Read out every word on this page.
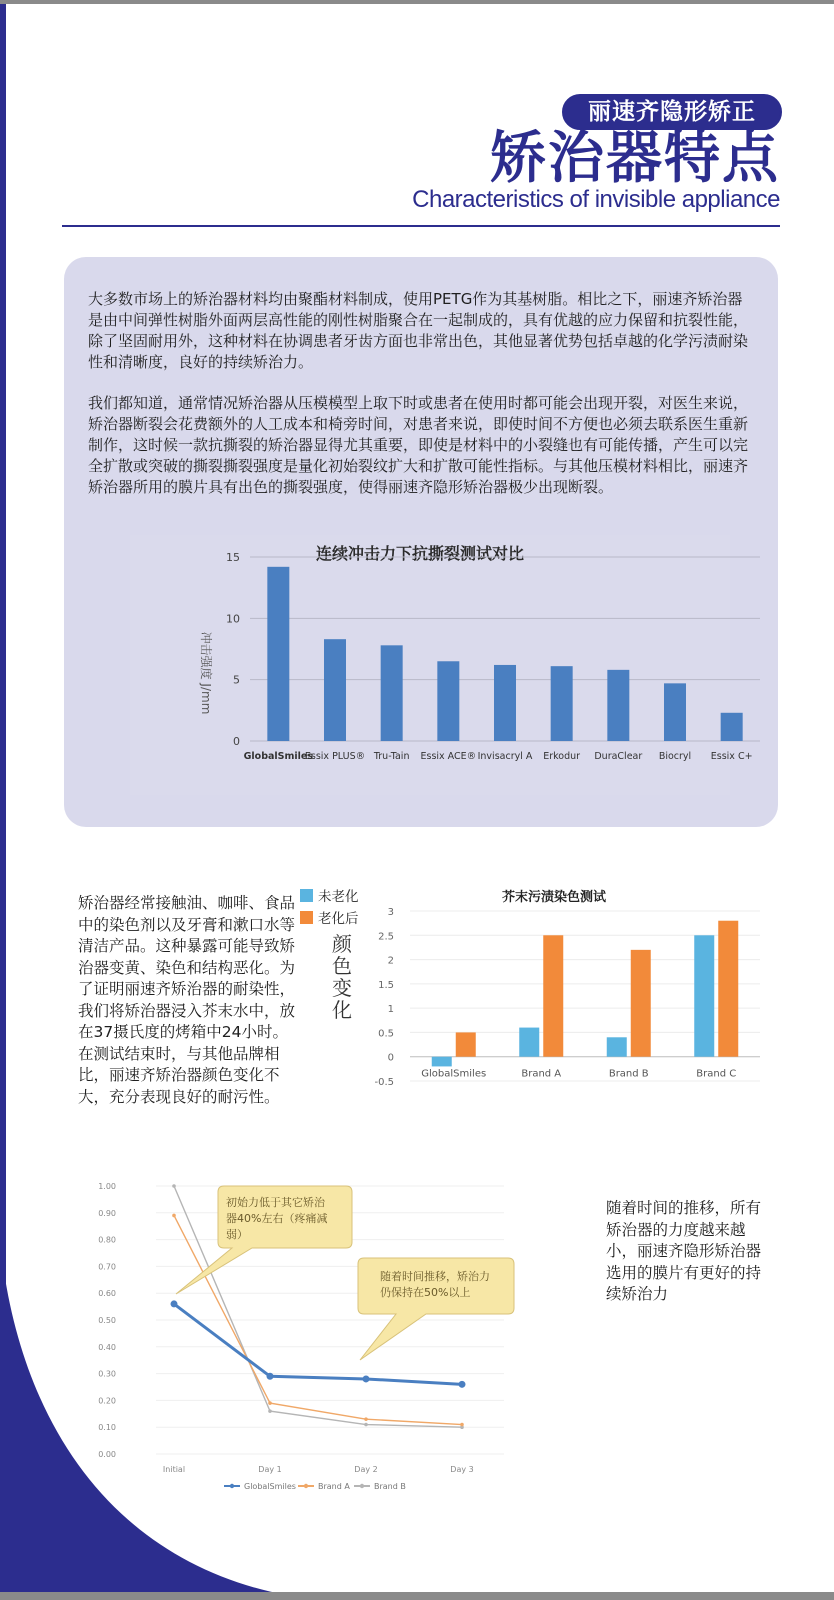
丽速齐隐形矫正
矫治器特点
Characteristics of invisible appliance

大多数市场上的矫治器材料均由聚酯材料制成，使用PETG作为其基树脂。相比之下，丽速齐矫治器是由中间弹性树脂外面两层高性能的刚性树脂聚合在一起制成的，具有优越的应力保留和抗裂性能，除了坚固耐用外，这种材料在协调患者牙齿方面也非常出色，其他显著优势包括卓越的化学污渍耐染性和清晰度，良好的持续矫治力。

我们都知道，通常情况矫治器从压模模型上取下时或患者在使用时都可能会出现开裂，对医生来说，矫治器断裂会花费额外的人工成本和椅旁时间，对患者来说，即使时间不方便也必须去联系医生重新制作，这时候一款抗撕裂的矫治器显得尤其重要，即使是材料中的小裂缝也有可能传播，产生可以完全扩散或突破的撕裂撕裂强度是量化初始裂纹扩大和扩散可能性指标。与其他压模材料相比，丽速齐矫治器所用的膜片具有出色的撕裂强度，使得丽速齐隐形矫治器极少出现断裂。

连续冲击力下抗撕裂测试对比
0
5
10
15
冲击强度 J/mm
GlobalSmiles
Essix PLUS® Tru-Tain Essix ACE® Invisacryl A Erkodur DuraClear Biocryl Essix C+

矫治器经常接触油、咖啡、食品中的染色剂以及牙膏和漱口水等清洁产品。这种暴露可能导致矫治器变黄、染色和结构恶化。为了证明丽速齐矫治器的耐染性，我们将矫治器浸入芥末水中，放在37摄氏度的烤箱中24小时。在测试结束时，与其他品牌相比，丽速齐矫治器颜色变化不大，充分表现良好的耐污性。

芥末污渍染色测试
未老化
老化后
颜色变化
-0.5
0
0.5
1
1.5
2
2.5
3
GlobalSmiles	Brand A	Brand B	Brand C
0.00
0.10
0.20
0.30
0.40
0.50
0.60
0.70
0.80
0.90
1.00
Initial	Day 1	Day 2	Day 3
初始力低于其它矫治器40%左右（疼痛减弱）
随着时间推移，矫治力仍保持在50%以上
GlobalSmiles	Brand A	Brand B

随着时间的推移，所有矫治器的力度越来越小，丽速齐隐形矫治器选用的膜片有更好的持续矫治力
